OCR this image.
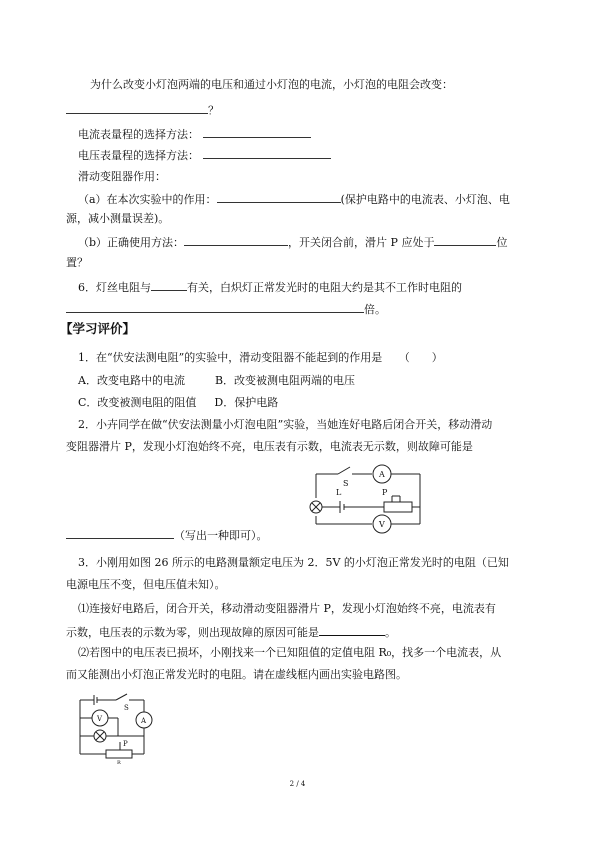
为什么改变小灯泡两端的电压和通过小灯泡的电流，小灯泡的电阻会改变：
？
电流表量程的选择方法：
电压表量程的选择方法：
滑动变阻器作用：
（a）在本次实验中的作用：	(保护电路中的电流表、小灯泡、电
源，减小测量误差)。
（b）正确使用方法：	，开关闭合前，滑片 P 应处于	位
置？
6．灯丝电阻与	有关，白炽灯正常发光时的电阻大约是其不工作时电阻的
倍。
【学习评价】
1．在“伏安法测电阻”的实验中，滑动变阻器不能起到的作用是　　（　　）
A．改变电路中的电流	B．改变被测电阻两端的电压
C．改变被测电阻的阻值 D．保护电路
2．小卉同学在做“伏安法测量小灯泡电阻”实验，当她连好电路后闭合开关，移动滑动
变阻器滑片 P，发现小灯泡始终不亮，电压表有示数，电流表无示数，则故障可能是
S
L	P
A
V
（写出一种即可）。
3．小刚用如图 26 所示的电路测量额定电压为 2．5V 的小灯泡正常发光时的电阻（已知
电源电压不变，但电压值未知）。
⑴连接好电路后，闭合开关，移动滑动变阻器滑片 P，发现小灯泡始终不亮，电流表有
示数，电压表的示数为零，则出现故障的原因可能是	。
⑵若图中的电压表已损坏，小刚找来一个已知阻值的定值电阻 R₀，找多一个电流表，从
而又能测出小灯泡正常发光时的电阻。请在虚线框内画出实验电路图。
S
A
V
P
R
2 / 4
